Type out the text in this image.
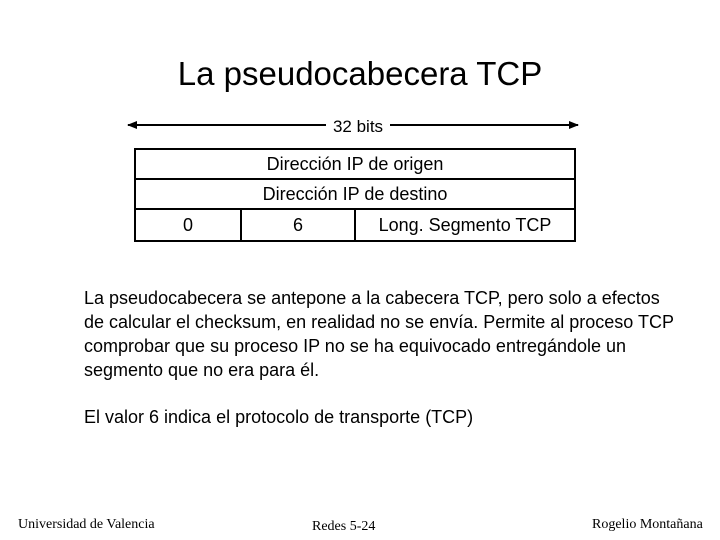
La pseudocabecera TCP
32 bits
Dirección IP de origen
Dirección IP de destino
0	6	Long. Segmento TCP
La pseudocabecera se antepone a la cabecera TCP, pero solo a efectos de calcular el checksum, en realidad no se envía. Permite al proceso TCP comprobar que su proceso IP no se ha equivocado entregándole un segmento que no era para él.
El valor 6 indica el protocolo de transporte (TCP)
Universidad de Valencia	Redes 5-24	Rogelio Montañana
